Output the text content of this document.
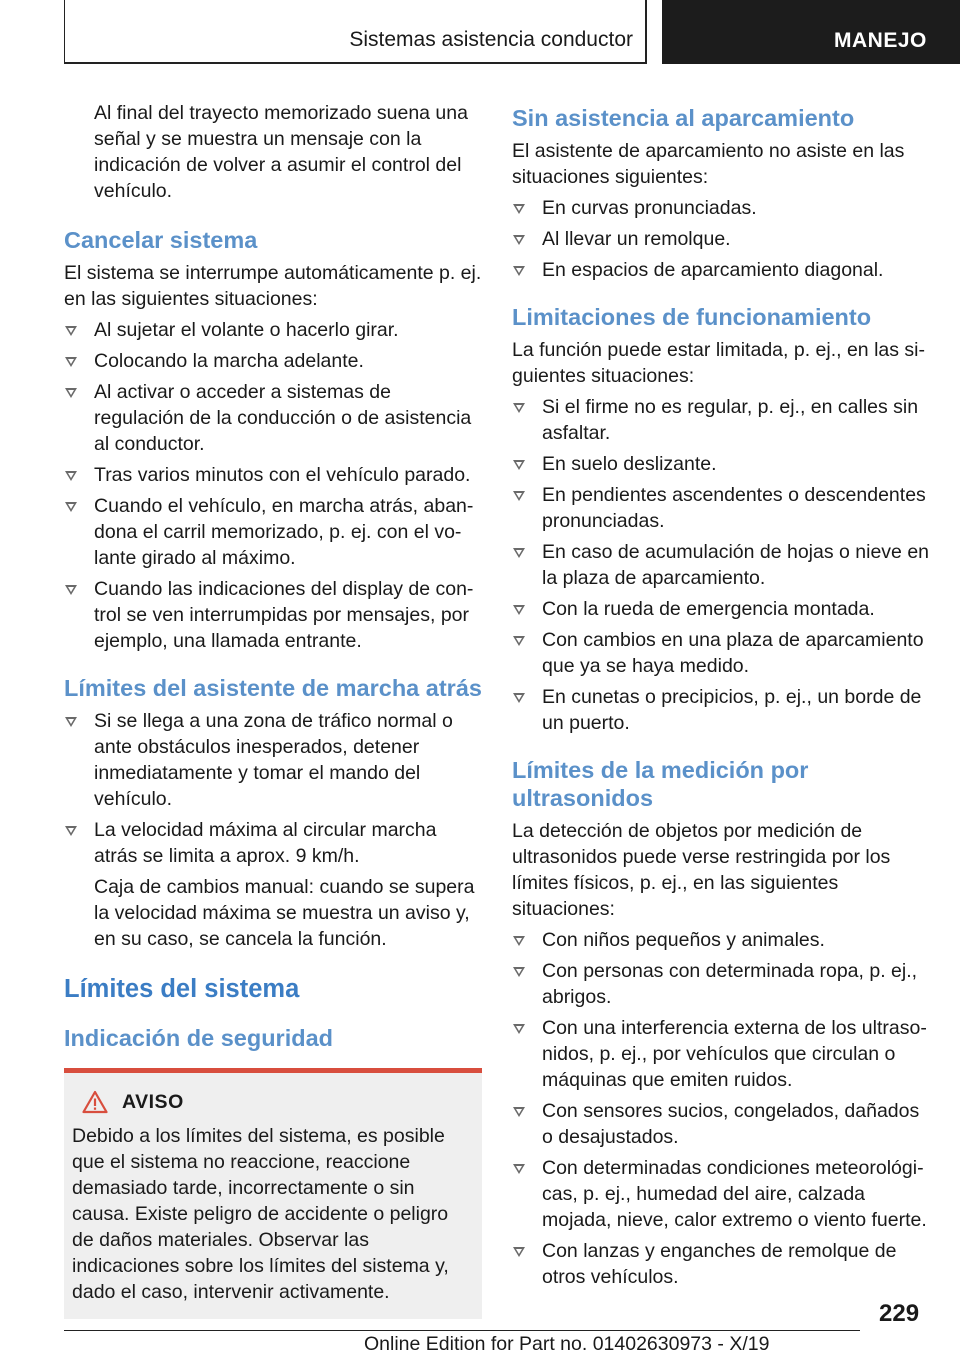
Sistemas asistencia conductor	MANEJO

Al final del trayecto memorizado suena una señal y se muestra un mensaje con la indicación de volver a asumir el control del vehículo.

Cancelar sistema

El sistema se interrumpe automáticamente p. ej. en las siguientes situaciones:

Al sujetar el volante o hacerlo girar.
Colocando la marcha adelante.
Al activar o acceder a sistemas de regulación de la conducción o de asistencia al conductor.
Tras varios minutos con el vehículo parado.
Cuando el vehículo, en marcha atrás, abandona el carril memorizado, p. ej. con el volante girado al máximo.
Cuando las indicaciones del display de control se ven interrumpidas por mensajes, por ejemplo, una llamada entrante.
Límites del asistente de marcha atrás
Si se llega a una zona de tráfico normal o ante obstáculos inesperados, detener inmediatamente y tomar el mando del vehículo.
La velocidad máxima al circular marcha atrás se limita a aprox. 9 km/h.

Caja de cambios manual: cuando se supera la velocidad máxima se muestra un aviso y, en su caso, se cancela la función.

Límites del sistema
Indicación de seguridad
AVISO

Debido a los límites del sistema, es posible que el sistema no reaccione, reaccione demasiado tarde, incorrectamente o sin causa. Existe peligro de accidente o peligro de daños materiales. Observar las indicaciones sobre los límites del sistema y, dado el caso, intervenir activamente.

Sin asistencia al aparcamiento

El asistente de aparcamiento no asiste en las situaciones siguientes:

En curvas pronunciadas.
Al llevar un remolque.
En espacios de aparcamiento diagonal.
Limitaciones de funcionamiento

La función puede estar limitada, p. ej., en las siguientes situaciones:

Si el firme no es regular, p. ej., en calles sin asfaltar.
En suelo deslizante.
En pendientes ascendentes o descendentes pronunciadas.
En caso de acumulación de hojas o nieve en la plaza de aparcamiento.
Con la rueda de emergencia montada.
Con cambios en una plaza de aparcamiento que ya se haya medido.
En cunetas o precipicios, p. ej., un borde de un puerto.
Límites de la medición por ultrasonidos

La detección de objetos por medición de ultrasonidos puede verse restringida por los límites físicos, p. ej., en las siguientes situaciones:

Con niños pequeños y animales.
Con personas con determinada ropa, p. ej., abrigos.
Con una interferencia externa de los ultrasonidos, p. ej., por vehículos que circulan o máquinas que emiten ruidos.
Con sensores sucios, congelados, dañados o desajustados.
Con determinadas condiciones meteorológicas, p. ej., humedad del aire, calzada mojada, nieve, calor extremo o viento fuerte.
Con lanzas y enganches de remolque de otros vehículos.
229
Online Edition for Part no. 01402630973 - X/19
